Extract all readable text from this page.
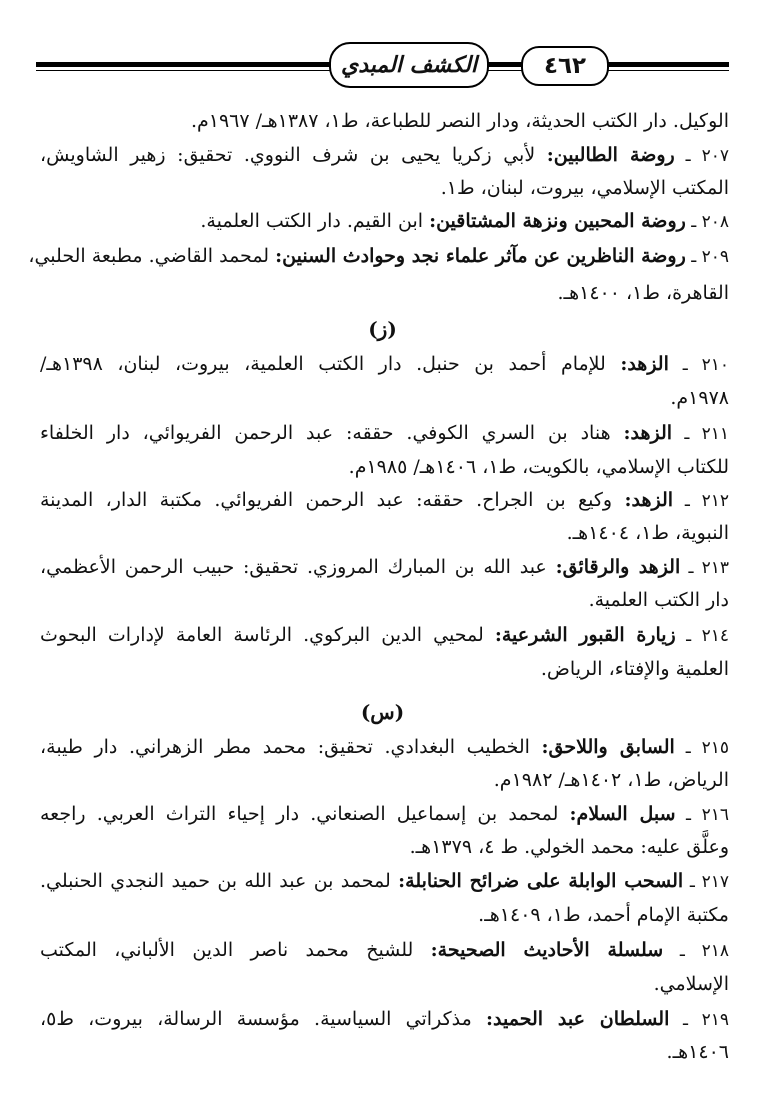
٤٦٢
الكشف المبدي
الوكيل. دار الكتب الحديثة، ودار النصر للطباعة، ط١، ١٣٨٧هـ/ ١٩٦٧م.
٢٠٧ ـ روضة الطالبين: لأبي زكريا يحيى بن شرف النووي. تحقيق: زهير الشاويش،
المكتب الإسلامي، بيروت، لبنان، ط١.
٢٠٨ ـ روضة المحبين ونزهة المشتاقين: ابن القيم. دار الكتب العلمية.
٢٠٩ ـ روضة الناظرين عن مآثر علماء نجد وحوادث السنين: لمحمد القاضي. مطبعة الحلبي،
القاهرة، ط١، ١٤٠٠هـ.
(ز)
٢١٠ ـ الزهد: للإمام أحمد بن حنبل. دار الكتب العلمية، بيروت، لبنان، ١٣٩٨هـ/
١٩٧٨م.
٢١١ ـ الزهد: هناد بن السري الكوفي. حققه: عبد الرحمن الفريوائي، دار الخلفاء
للكتاب الإسلامي، بالكويت، ط١، ١٤٠٦هـ/ ١٩٨٥م.
٢١٢ ـ الزهد: وكيع بن الجراح. حققه: عبد الرحمن الفريوائي. مكتبة الدار، المدينة
النبوية، ط١، ١٤٠٤هـ.
٢١٣ ـ الزهد والرقائق: عبد الله بن المبارك المروزي. تحقيق: حبيب الرحمن الأعظمي،
دار الكتب العلمية.
٢١٤ ـ زيارة القبور الشرعية: لمحيي الدين البركوي. الرئاسة العامة لإدارات البحوث
العلمية والإفتاء، الرياض.
(س)
٢١٥ ـ السابق واللاحق: الخطيب البغدادي. تحقيق: محمد مطر الزهراني. دار طيبة،
الرياض، ط١، ١٤٠٢هـ/ ١٩٨٢م.
٢١٦ ـ سبل السلام: لمحمد بن إسماعيل الصنعاني. دار إحياء التراث العربي. راجعه
وعلَّق عليه: محمد الخولي. ط ٤، ١٣٧٩هـ.
٢١٧ ـ السحب الوابلة على ضرائح الحنابلة: لمحمد بن عبد الله بن حميد النجدي الحنبلي.
مكتبة الإمام أحمد، ط١، ١٤٠٩هـ.
٢١٨ ـ سلسلة الأحاديث الصحيحة: للشيخ محمد ناصر الدين الألباني، المكتب
الإسلامي.
٢١٩ ـ السلطان عبد الحميد: مذكراتي السياسية. مؤسسة الرسالة، بيروت، ط٥،
١٤٠٦هـ.
